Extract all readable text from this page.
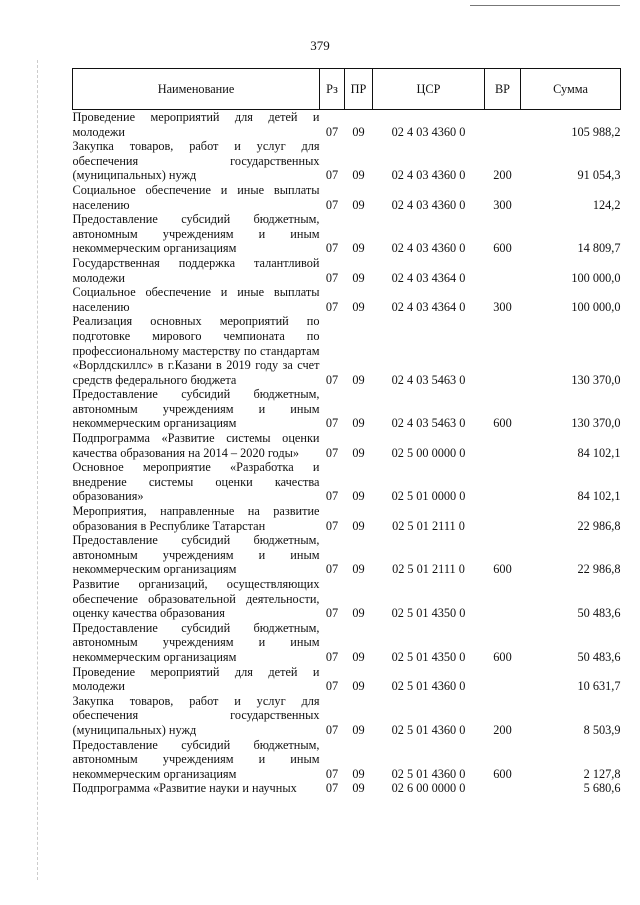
379
Наименование	Рз	ПР	ЦСР	ВР	Сумма
Проведение мероприятий для детей и молодежи	07	09	02 4 03 4360 0		105 988,2
Закупка товаров, работ и услуг для обеспечения государственных (муниципальных) нужд	07	09	02 4 03 4360 0	200	91 054,3
Социальное обеспечение и иные выплаты населению	07	09	02 4 03 4360 0	300	124,2
Предоставление субсидий бюджетным, автономным учреждениям и иным некоммерческим организациям	07	09	02 4 03 4360 0	600	14 809,7
Государственная поддержка талантливой молодежи	07	09	02 4 03 4364 0		100 000,0
Социальное обеспечение и иные выплаты населению	07	09	02 4 03 4364 0	300	100 000,0
Реализация основных мероприятий по подготовке мирового чемпионата по профессиональному мастерству по стандартам «Ворлдскиллс» в г.Казани в 2019 году за счет средств федерального бюджета	07	09	02 4 03 5463 0		130 370,0
Предоставление субсидий бюджетным, автономным учреждениям и иным некоммерческим организациям	07	09	02 4 03 5463 0	600	130 370,0
Подпрограмма «Развитие системы оценки качества образования на 2014 – 2020 годы»	07	09	02 5 00 0000 0		84 102,1
Основное мероприятие «Разработка и внедрение системы оценки качества образования»	07	09	02 5 01 0000 0		84 102,1
Мероприятия, направленные на развитие образования в Республике Татарстан	07	09	02 5 01 2111 0		22 986,8
Предоставление субсидий бюджетным, автономным учреждениям и иным некоммерческим организациям	07	09	02 5 01 2111 0	600	22 986,8
Развитие организаций, осуществляющих обеспечение образовательной деятельности, оценку качества образования	07	09	02 5 01 4350 0		50 483,6
Предоставление субсидий бюджетным, автономным учреждениям и иным некоммерческим организациям	07	09	02 5 01 4350 0	600	50 483,6
Проведение мероприятий для детей и молодежи	07	09	02 5 01 4360 0		10 631,7
Закупка товаров, работ и услуг для обеспечения государственных (муниципальных) нужд	07	09	02 5 01 4360 0	200	8 503,9
Предоставление субсидий бюджетным, автономным учреждениям и иным некоммерческим организациям	07	09	02 5 01 4360 0	600	2 127,8
Подпрограмма «Развитие науки и научных	07	09	02 6 00 0000 0		5 680,6
